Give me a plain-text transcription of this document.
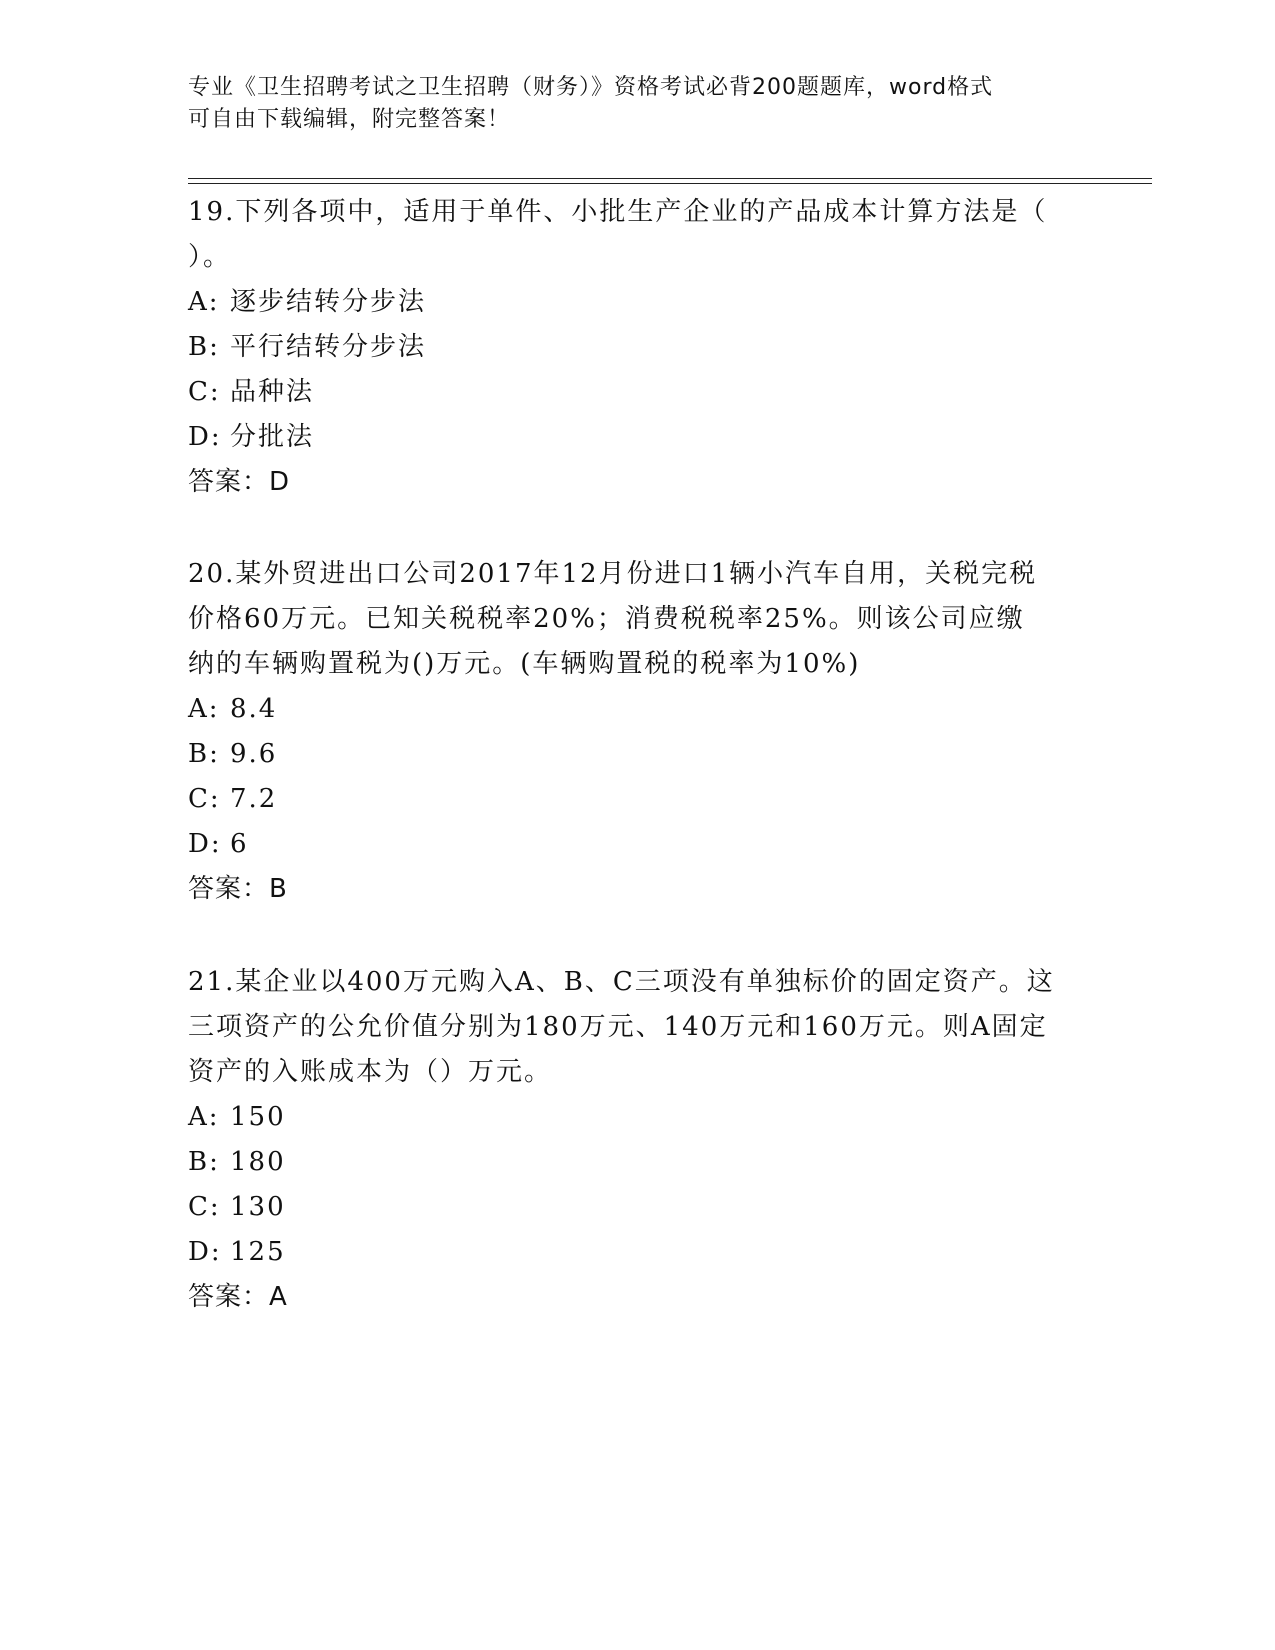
专业《卫生招聘考试之卫生招聘（财务）》资格考试必背200题题库，word格式
可自由下载编辑，附完整答案！

19.下列各项中，适用于单件、小批生产企业的产品成本计算方法是（

）。

A: 逐步结转分步法
B: 平行结转分步法
C: 品种法
D: 分批法
答案：D

20.某外贸进出口公司2017年12月份进口1辆小汽车自用，关税完税

价格60万元。已知关税税率20%；消费税税率25%。则该公司应缴

纳的车辆购置税为()万元。(车辆购置税的税率为10%)

A: 8.4
B: 9.6
C: 7.2
D: 6
答案：B

21.某企业以400万元购入A、B、C三项没有单独标价的固定资产。这

三项资产的公允价值分别为180万元、140万元和160万元。则A固定

资产的入账成本为（）万元。

A: 150
B: 180
C: 130
D: 125
答案：A
